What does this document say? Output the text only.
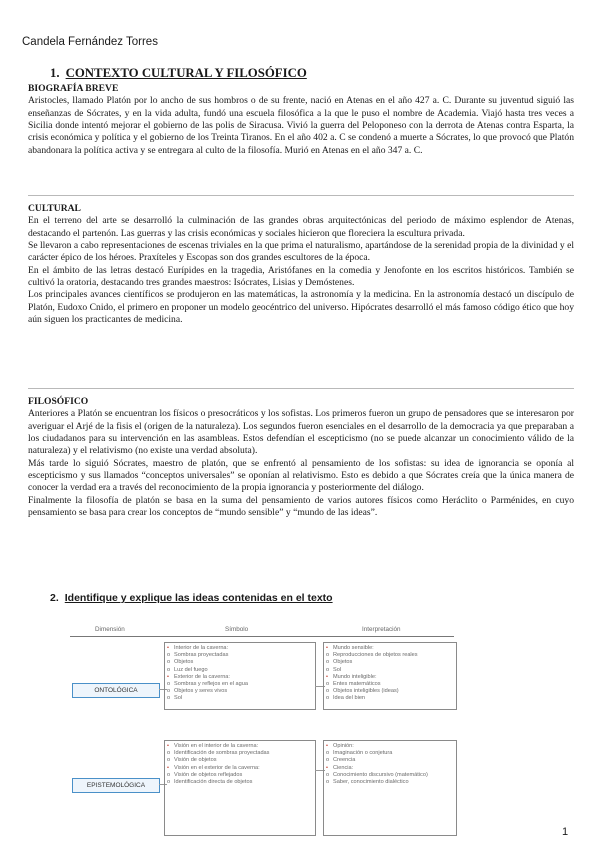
Candela Fernández Torres
1. CONTEXTO CULTURAL Y FILOSÓFICO

BIOGRAFÍA BREVE

Aristocles, llamado Platón por lo ancho de sus hombros o de su frente, nació en Atenas en el año 427 a. C. Durante su juventud siguió las enseñanzas de Sócrates, y en la vida adulta, fundó una escuela filosófica a la que le puso el nombre de Academia. Viajó hasta tres veces a Sicilia donde intentó mejorar el gobierno de las polis de Siracusa. Vivió la guerra del Peloponeso con la derrota de Atenas contra Esparta, la crisis económica y política y el gobierno de los Treinta Tiranos. En el año 402 a. C se condenó a muerte a Sócrates, lo que provocó que Platón abandonara la política activa y se entregara al culto de la filosofía. Murió en Atenas en el año 347 a. C.

CULTURAL

En el terreno del arte se desarrolló la culminación de las grandes obras arquitectónicas del periodo de máximo esplendor de Atenas, destacando el partenón. Las guerras y las crisis económicas y sociales hicieron que floreciera la escultura privada.

Se llevaron a cabo representaciones de escenas triviales en la que prima el naturalismo, apartándose de la serenidad propia de la divinidad y el carácter épico de los héroes. Praxíteles y Escopas son dos grandes escultores de la época.

En el ámbito de las letras destacó Eurípides en la tragedia, Aristófanes en la comedia y Jenofonte en los escritos históricos. También se cultivó la oratoria, destacando tres grandes maestros: Isócrates, Lisias y Demóstenes.

Los principales avances científicos se produjeron en las matemáticas, la astronomía y la medicina. En la astronomía destacó un discípulo de Platón, Eudoxo Cnido, el primero en proponer un modelo geocéntrico del universo. Hipócrates desarrolló el más famoso código ético que hoy aún siguen los practicantes de medicina.

FILOSÓFICO

Anteriores a Platón se encuentran los físicos o presocráticos y los sofistas. Los primeros fueron un grupo de pensadores que se interesaron por averiguar el Arjé de la fisis el (origen de la naturaleza). Los segundos fueron esenciales en el desarrollo de la democracia ya que preparaban a los ciudadanos para su intervención en las asambleas. Estos defendían el escepticismo (no se puede alcanzar un conocimiento válido de la naturaleza) y el relativismo (no existe una verdad absoluta).

Más tarde lo siguió Sócrates, maestro de platón, que se enfrentó al pensamiento de los sofistas: su idea de ignorancia se oponía al escepticismo y sus llamados “conceptos universales” se oponían al relativismo. Esto es debido a que Sócrates creía que la única manera de conocer la verdad era a través del reconocimiento de la propia ignorancia y posteriormente del diálogo.

Finalmente la filosofía de platón se basa en la suma del pensamiento de varios autores físicos como Heráclito o Parménides, en cuyo pensamiento se basa para crear los conceptos de “mundo sensible” y “mundo de las ideas”.

2. Identifique y explique las ideas contenidas en el texto
Dimensión	Símbolo	Interpretación
ONTOLÓGICA
• Interior de la caverna:
o Sombras proyectadas
o Objetos
o Luz del fuego
• Exterior de la caverna:
o Sombras y reflejos en el agua
o Objetos y seres vivos
o Sol
• Mundo sensible:
o Reproducciones de objetos reales
o Objetos
o Sol
• Mundo inteligible:
o Entes matemáticos
o Objetos inteligibles (ideas)
o Idea del bien
EPISTEMOLÓGICA
• Visión en el interior de la caverna:
o Identificación de sombras proyectadas
o Visión de objetos
• Visión en el exterior de la caverna:
o Visión de objetos reflejados
o Identificación directa de objetos
• Opinión:
o Imaginación o conjetura
o Creencia
• Ciencia:
o Conocimiento discursivo (matemático)
o Saber, conocimiento dialéctico
1
